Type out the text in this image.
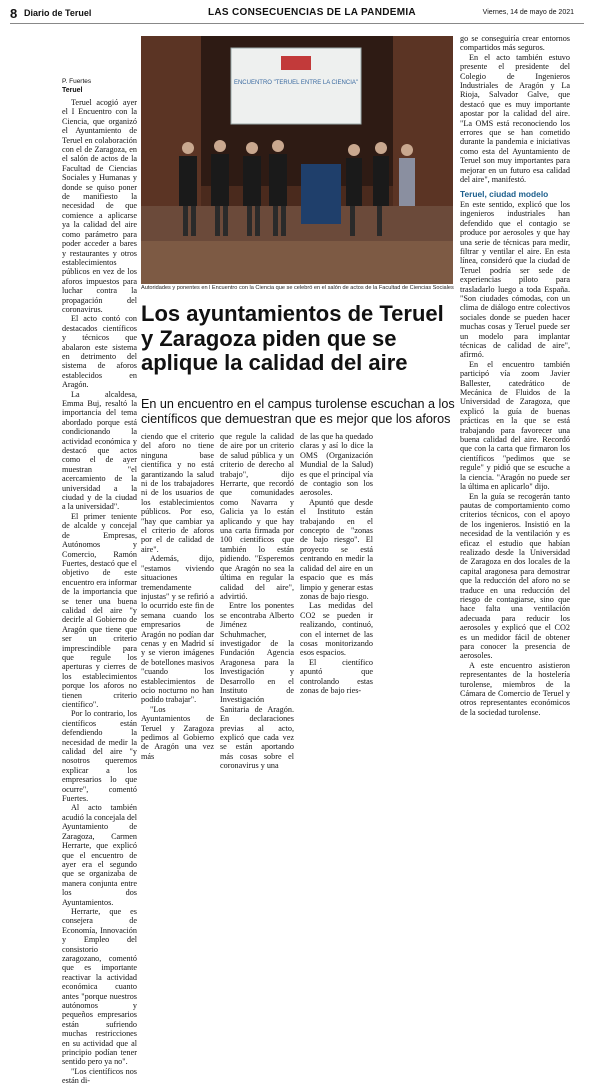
8 Diario de Teruel	LAS CONSECUENCIAS DE LA PANDEMIA	Viernes, 14 de mayo de 2021
P. Fuertes
Teruel

Teruel acogió ayer el I Encuentro con la Ciencia, que organizó el Ayuntamiento de Teruel en colaboración con el de Zaragoza, en el salón de actos de la Facultad de Ciencias Sociales y Humanas y donde se quiso poner de manifiesto la necesidad de que comience a aplicarse ya la calidad del aire como parámetro para poder acceder a bares y restaurantes y otros establecimientos públicos en vez de los aforos impuestos para luchar contra la propagación del coronavirus.

El acto contó con destacados científicos y técnicos que abalaron este sistema en detrimento del sistema de aforos establecidos en Aragón.

La alcaldesa, Emma Buj, resaltó la importancia del tema abordado porque está condicionando la actividad económica y destacó que actos como el de ayer muestran "el acercamiento de la universidad a la ciudad y de la ciudad a la universidad".

El primer teniente de alcalde y concejal de Empresas, Autónomos y Comercio, Ramón Fuertes, destacó que el objetivo de este encuentro era informar de la importancia que se tener una buena calidad del aire "y decirle al Gobierno de Aragón que tiene que ser un criterio imprescindible para que regule los aperturas y cierres de los establecimientos porque los aforos no tienen criterio científico".

Por lo contrario, los científicos están defendiendo la necesidad de medir la calidad del aire "y nosotros queremos explicar a los empresarios lo que ocurre", comentó Fuertes.

Al acto también acudió la concejala del Ayuntamiento de Zaragoza, Carmen Herrarte, que explicó que el encuentro de ayer era el segundo que se organizaba de manera conjunta entre los dos Ayuntamientos.

Herrarte, que es consejera de Economía, Innovación y Empleo del consistorio zaragozano, comentó que es importante reactivar la actividad económica cuanto antes "porque nuestros autónomos y pequeños empresarios están sufriendo muchas restricciones en su actividad que al principio podían tener sentido pero ya no".

"Los científicos nos están di-

ENCUENTRO "TERUEL ENTRE LA CIENCIA"
Autoridades y ponentes en l Encuentro con la Ciencia que se celebró en el salón de actos de la Facultad de Ciencias Sociales
Los ayuntamientos de Teruel y Zaragoza piden que se aplique la calidad del aire

En un encuentro en el campus turolense escuchan a los científicos que demuestran que es mejor que los aforos

ciendo que el criterio del aforo no tiene ninguna base científica y no está garantizando la salud ni de los trabajadores ni de los usuarios de los establecimientos públicos. Por eso, "hay que cambiar ya el criterio de aforos por el de calidad de aire".

Además, dijo, "estamos viviendo situaciones tremendamente injustas" y se refirió a lo ocurrido este fin de semana cuando los empresarios de Aragón no podían dar cenas y en Madrid sí y se vieron imágenes de botellones masivos "cuando los establecimientos de ocio nocturno no han podido trabajar".

"Los Ayuntamientos de Teruel y Zaragoza pedimos al Gobierno de Aragón una vez más

que regule la calidad de aire por un criterio de salud pública y un criterio de derecho al trabajo", dijo Herrarte, que recordó que comunidades como Navarra y Galicia ya lo están aplicando y que hay una carta firmada por 100 científicos que también lo están pidiendo. "Esperemos que Aragón no sea la última en regular la calidad del aire", advirtió.

Entre los ponentes se encontraba Alberto Jiménez Schuhmacher, investigador de la Fundación Agencia Aragonesa para la Investigación y Desarrollo en el Instituto de Investigación Sanitaria de Aragón. En declaraciones previas al acto, explicó que cada vez se están aportando más cosas sobre el coronavirus y una

de las que ha quedado claras y así lo dice la OMS (Organización Mundial de la Salud) es que el principal vía de contagio son los aerosoles.

Apuntó que desde el Instituto están trabajando en el concepto de "zonas de bajo riesgo". El proyecto se está centrando en medir la calidad del aire en un espacio que es más limpio y generar estas zonas de bajo riesgo.

Las medidas del CO2 se pueden ir realizando, continuó, con el internet de las cosas monitorizando esos espacios.

El científico apuntó que controlando estas zonas de bajo ries-

go se conseguiría crear entornos compartidos más seguros.

En el acto también estuvo presente el presidente del Colegio de Ingenieros Industriales de Aragón y La Rioja, Salvador Galve, que destacó que es muy importante apostar por la calidad del aire. "La OMS está reconociendo los errores que se han cometido durante la pandemia e iniciativas como esta del Ayuntamiento de Teruel son muy importantes para mejorar en un futuro esa calidad del aire", manifestó.

Teruel, ciudad modelo

En este sentido, explicó que los ingenieros industriales han defendido que el contagio se produce por aerosoles y que hay una serie de técnicas para medir, filtrar y ventilar el aire. En esta línea, consideró que la ciudad de Teruel podría ser sede de experiencias piloto para trasladarlo luego a toda España. "Son ciudades cómodas, con un clima de diálogo entre colectivos sociales donde se pueden hacer muchas cosas y Teruel puede ser un modelo para implantar técnicas de calidad de aire", afirmó.

En el encuentro también participó vía zoom Javier Ballester, catedrático de Mecánica de Fluidos de la Universidad de Zaragoza, que explicó la guía de buenas prácticas en la que se está trabajando para favorecer una buena calidad del aire. Recordó que con la carta que firmaron los científicos "pedimos que se regule" y pidió que se escuche a la ciencia. "Aragón no puede ser la última en aplicarlo" dijo.

En la guía se recogerán tanto pautas de comportamiento como criterios técnicos, con el apoyo de los ingenieros. Insistió en la necesidad de la ventilación y es eficaz el estudio que habían realizado desde la Universidad de Zaragoza en dos locales de la capital aragonesa para demostrar que la reducción del aforo no se traduce en una reducción del riesgo de contagiarse, sino que hace falta una ventilación adecuada para reducir los aerosoles y explicó que el CO2 es un medidor fácil de obtener para conocer la presencia de aerosoles.

A este encuentro asistieron representantes de la hostelería turolense, miembros de la Cámara de Comercio de Teruel y otros representantes económicos de la sociedad turolense.
